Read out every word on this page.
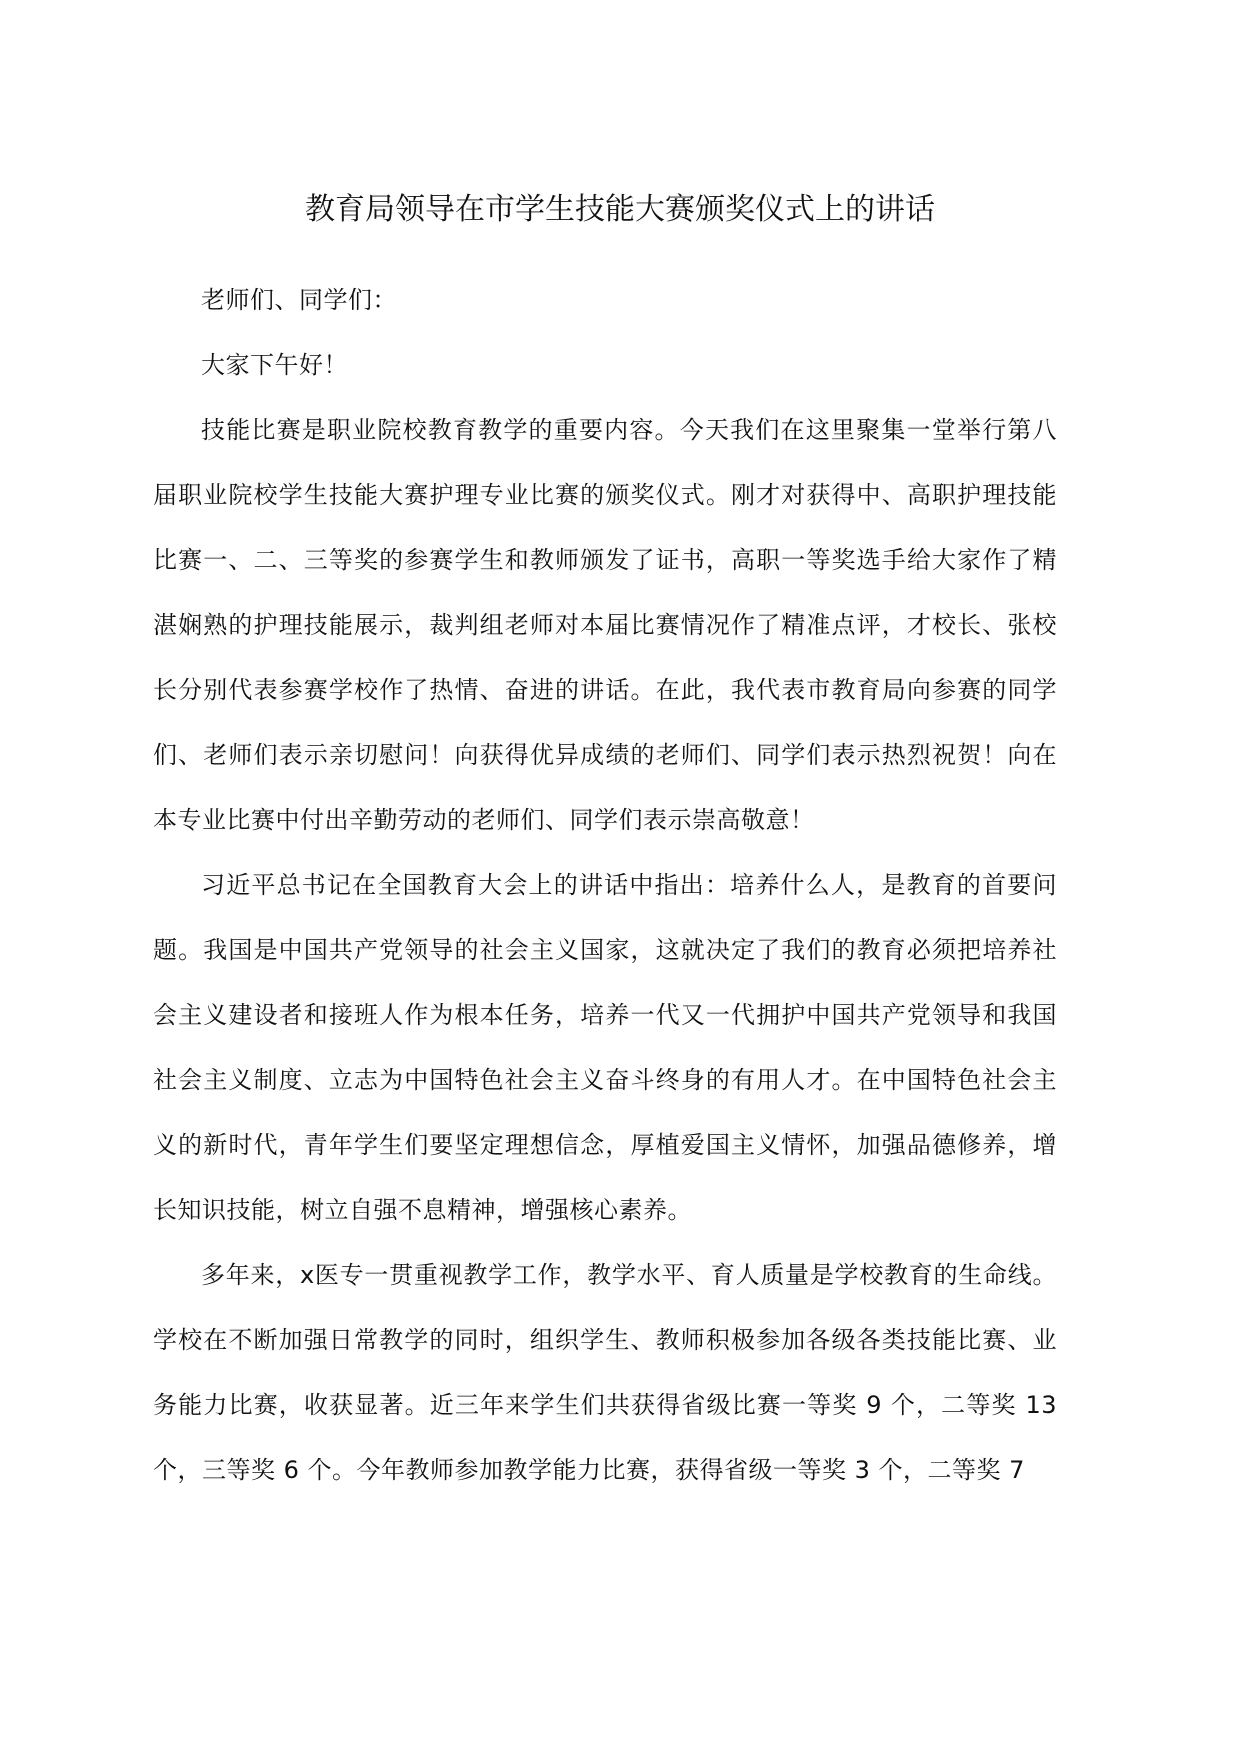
教育局领导在市学生技能大赛颁奖仪式上的讲话

老师们、同学们：

大家下午好！

技能比赛是职业院校教育教学的重要内容。今天我们在这里聚集一堂举行第八届职业院校学生技能大赛护理专业比赛的颁奖仪式。刚才对获得中、高职护理技能比赛一、二、三等奖的参赛学生和教师颁发了证书，高职一等奖选手给大家作了精湛娴熟的护理技能展示，裁判组老师对本届比赛情况作了精准点评，才校长、张校长分别代表参赛学校作了热情、奋进的讲话。在此，我代表市教育局向参赛的同学们、老师们表示亲切慰问！向获得优异成绩的老师们、同学们表示热烈祝贺！向在本专业比赛中付出辛勤劳动的老师们、同学们表示崇高敬意！

习近平总书记在全国教育大会上的讲话中指出：培养什么人，是教育的首要问题。我国是中国共产党领导的社会主义国家，这就决定了我们的教育必须把培养社会主义建设者和接班人作为根本任务，培养一代又一代拥护中国共产党领导和我国社会主义制度、立志为中国特色社会主义奋斗终身的有用人才。在中国特色社会主义的新时代，青年学生们要坚定理想信念，厚植爱国主义情怀，加强品德修养，增长知识技能，树立自强不息精神，增强核心素养。

多年来，x医专一贯重视教学工作，教学水平、育人质量是学校教育的生命线。学校在不断加强日常教学的同时，组织学生、教师积极参加各级各类技能比赛、业务能力比赛，收获显著。近三年来学生们共获得省级比赛一等奖 9 个，二等奖 13 个，三等奖 6 个。今年教师参加教学能力比赛，获得省级一等奖 3 个，二等奖 7
